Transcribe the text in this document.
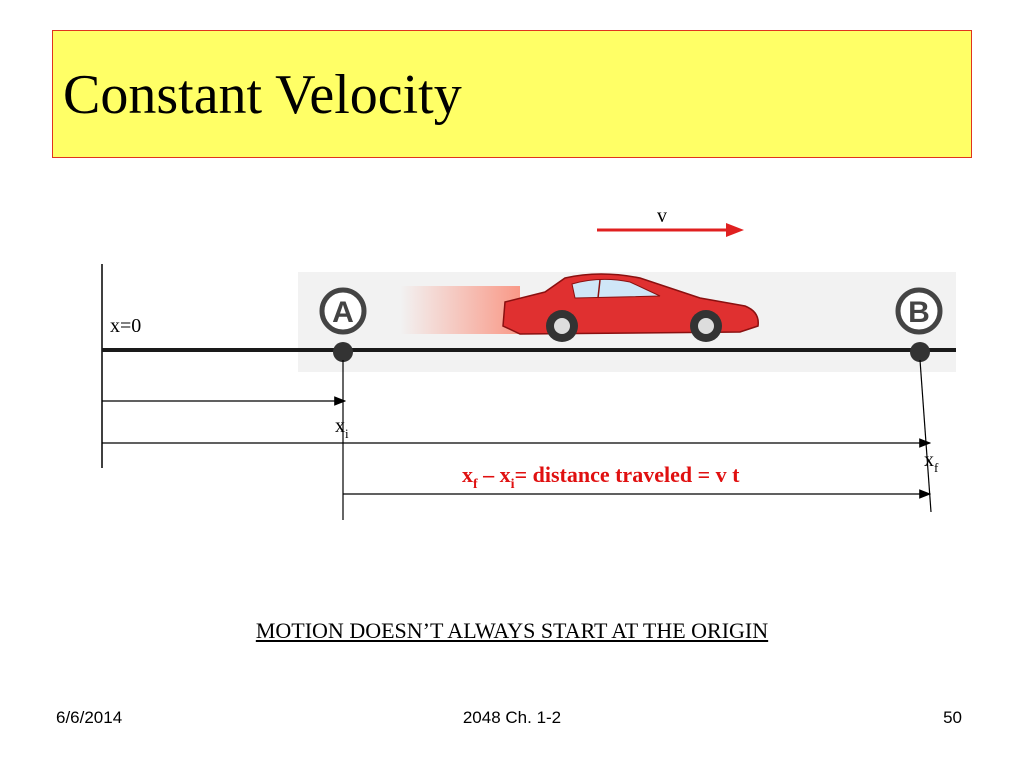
Constant Velocity
v
x=0	A	B
$x_i$
$x_f$
$x_f - x_i=$ distance traveled = v t
MOTION DOESN’T ALWAYS START AT THE ORIGIN
6/6/2014	2048 Ch. 1-2	50
